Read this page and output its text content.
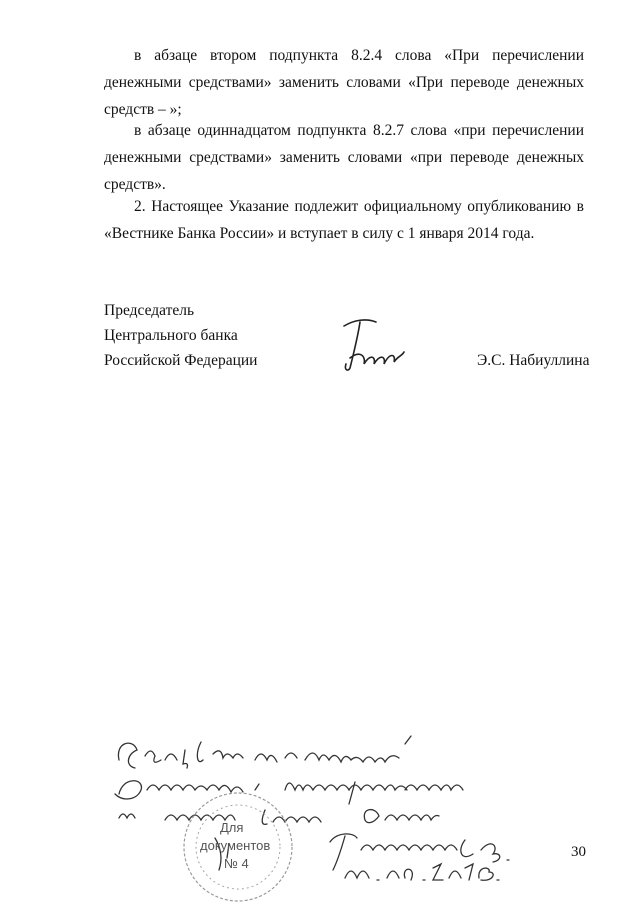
в абзаце втором подпункта 8.2.4 слова «При перечислении денежными средствами» заменить словами «При переводе денежных средств – »;

в абзаце одиннадцатом подпункта 8.2.7 слова «при перечислении денежными средствами» заменить словами «при переводе денежных средств».

2. Настоящее Указание подлежит официальному опубликованию в «Вестнике Банка России» и вступает в силу с 1 января 2014 года.

Председатель
Центрального банка
Российской Федерации	Э.С. Набиуллина
Для
документов
№ 4
30
